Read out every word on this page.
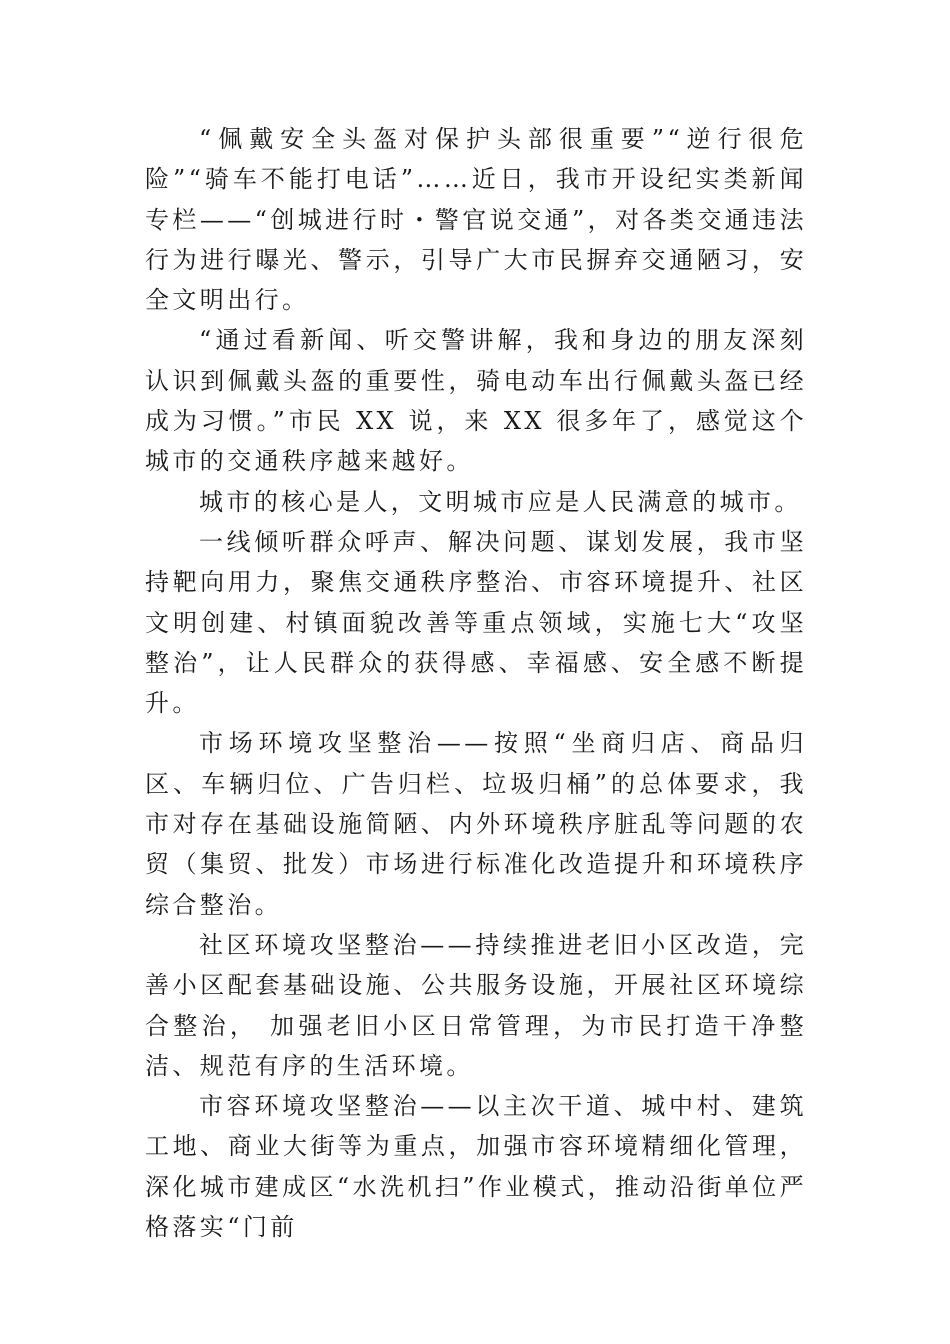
“佩戴安全头盔对保护头部很重要”“逆行很危险”“骑车不能打电话”……近日，我市开设纪实类新闻专栏——“创城进行时・警官说交通”，对各类交通违法行为进行曝光、警示，引导广大市民摒弃交通陋习，安全文明出行。

“通过看新闻、听交警讲解，我和身边的朋友深刻认识到佩戴头盔的重要性，骑电动车出行佩戴头盔已经成为习惯。”市民 XX 说，来 XX 很多年了，感觉这个城市的交通秩序越来越好。

城市的核心是人，文明城市应是人民满意的城市。

一线倾听群众呼声、解决问题、谋划发展，我市坚持靶向用力，聚焦交通秩序整治、市容环境提升、社区文明创建、村镇面貌改善等重点领域，实施七大“攻坚整治”，让人民群众的获得感、幸福感、安全感不断提升。

市场环境攻坚整治——按照“坐商归店、商品归区、车辆归位、广告归栏、垃圾归桶”的总体要求，我市对存在基础设施简陋、内外环境秩序脏乱等问题的农贸（集贸、批发）市场进行标准化改造提升和环境秩序综合整治。

社区环境攻坚整治——持续推进老旧小区改造，完善小区配套基础设施、公共服务设施，开展社区环境综合整治， 加强老旧小区日常管理，为市民打造干净整洁、规范有序的生活环境。

市容环境攻坚整治——以主次干道、城中村、建筑工地、商业大街等为重点，加强市容环境精细化管理，深化城市建成区“水洗机扫”作业模式，推动沿街单位严格落实“门前
